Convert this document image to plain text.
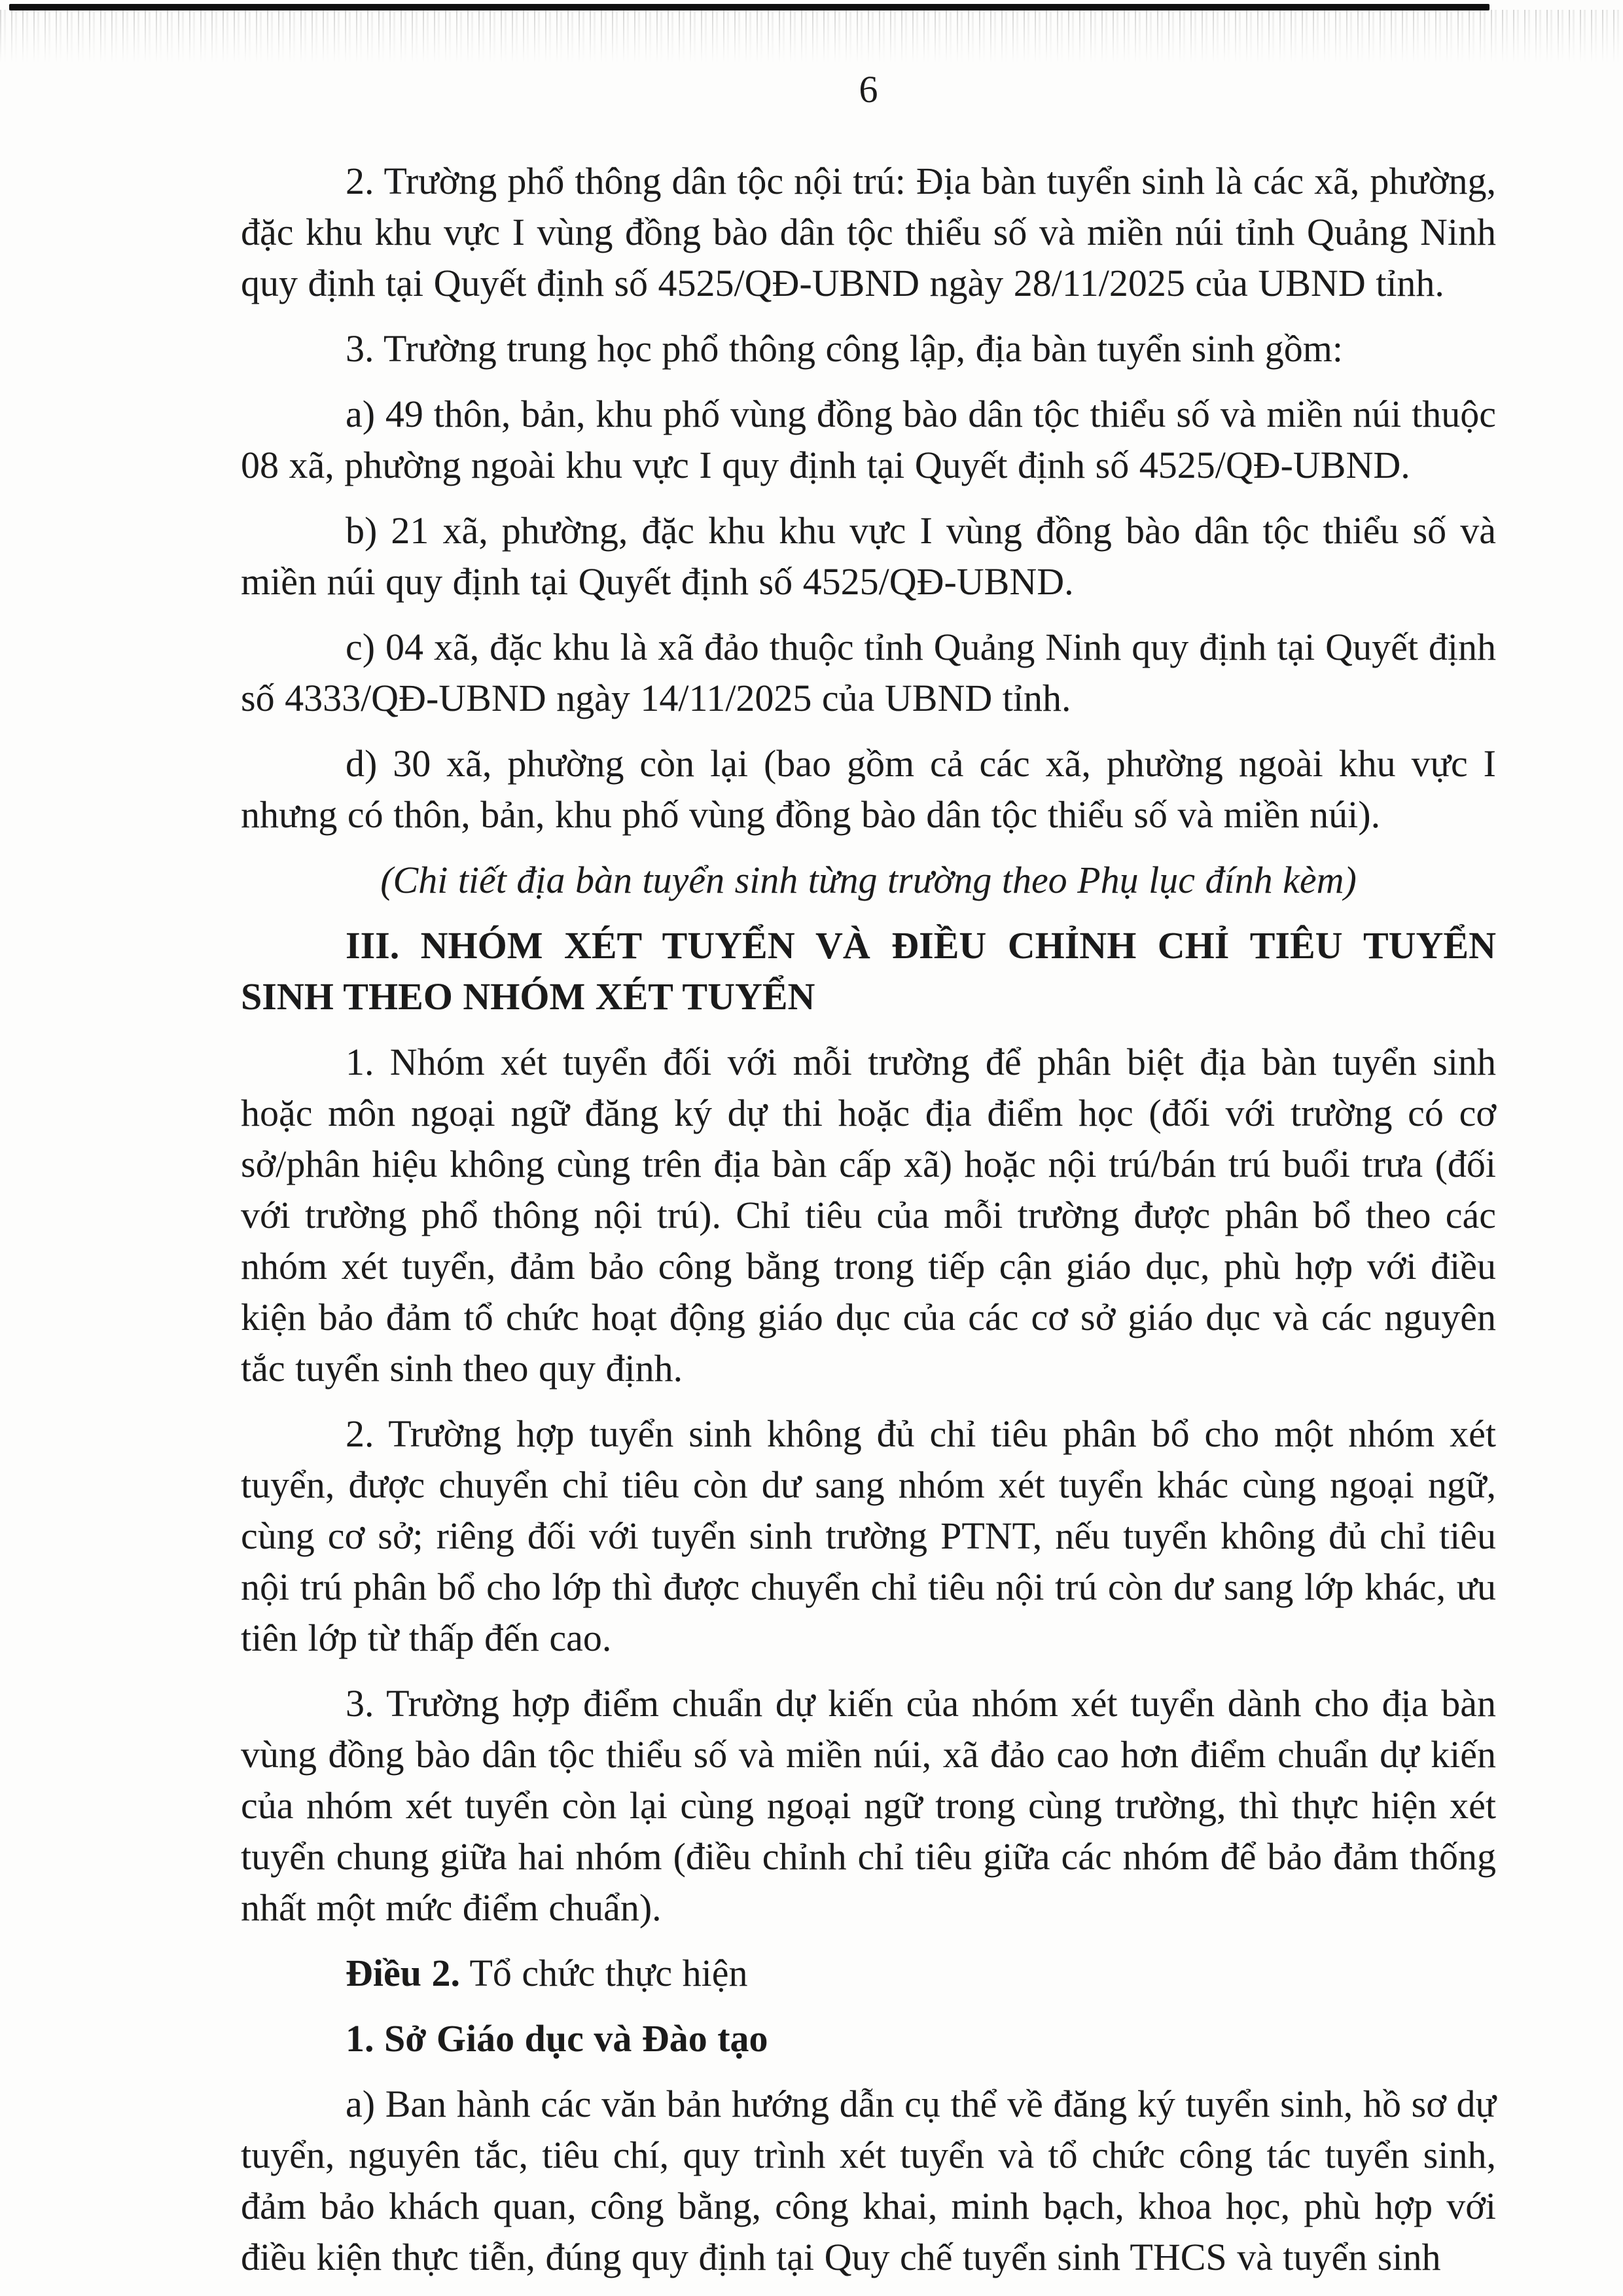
6

2. Trường phổ thông dân tộc nội trú: Địa bàn tuyển sinh là các xã, phường, đặc khu khu vực I vùng đồng bào dân tộc thiểu số và miền núi tỉnh Quảng Ninh quy định tại Quyết định số 4525/QĐ-UBND ngày 28/11/2025 của UBND tỉnh.

3. Trường trung học phổ thông công lập, địa bàn tuyển sinh gồm:

a) 49 thôn, bản, khu phố vùng đồng bào dân tộc thiểu số và miền núi thuộc 08 xã, phường ngoài khu vực I quy định tại Quyết định số 4525/QĐ-UBND.

b) 21 xã, phường, đặc khu khu vực I vùng đồng bào dân tộc thiểu số và miền núi quy định tại Quyết định số 4525/QĐ-UBND.

c) 04 xã, đặc khu là xã đảo thuộc tỉnh Quảng Ninh quy định tại Quyết định số 4333/QĐ-UBND ngày 14/11/2025 của UBND tỉnh.

d) 30 xã, phường còn lại (bao gồm cả các xã, phường ngoài khu vực I nhưng có thôn, bản, khu phố vùng đồng bào dân tộc thiểu số và miền núi).

(Chi tiết địa bàn tuyển sinh từng trường theo Phụ lục đính kèm)

III. NHÓM XÉT TUYỂN VÀ ĐIỀU CHỈNH CHỈ TIÊU TUYỂN SINH THEO NHÓM XÉT TUYỂN

1. Nhóm xét tuyển đối với mỗi trường để phân biệt địa bàn tuyển sinh hoặc môn ngoại ngữ đăng ký dự thi hoặc địa điểm học (đối với trường có cơ sở/phân hiệu không cùng trên địa bàn cấp xã) hoặc nội trú/bán trú buổi trưa (đối với trường phổ thông nội trú). Chỉ tiêu của mỗi trường được phân bổ theo các nhóm xét tuyển, đảm bảo công bằng trong tiếp cận giáo dục, phù hợp với điều kiện bảo đảm tổ chức hoạt động giáo dục của các cơ sở giáo dục và các nguyên tắc tuyển sinh theo quy định.

2. Trường hợp tuyển sinh không đủ chỉ tiêu phân bổ cho một nhóm xét tuyển, được chuyển chỉ tiêu còn dư sang nhóm xét tuyển khác cùng ngoại ngữ, cùng cơ sở; riêng đối với tuyển sinh trường PTNT, nếu tuyển không đủ chỉ tiêu nội trú phân bổ cho lớp thì được chuyển chỉ tiêu nội trú còn dư sang lớp khác, ưu tiên lớp từ thấp đến cao.

3. Trường hợp điểm chuẩn dự kiến của nhóm xét tuyển dành cho địa bàn vùng đồng bào dân tộc thiểu số và miền núi, xã đảo cao hơn điểm chuẩn dự kiến của nhóm xét tuyển còn lại cùng ngoại ngữ trong cùng trường, thì thực hiện xét tuyển chung giữa hai nhóm (điều chỉnh chỉ tiêu giữa các nhóm để bảo đảm thống nhất một mức điểm chuẩn).

Điều 2. Tổ chức thực hiện

1. Sở Giáo dục và Đào tạo

a) Ban hành các văn bản hướng dẫn cụ thể về đăng ký tuyển sinh, hồ sơ dự tuyển, nguyên tắc, tiêu chí, quy trình xét tuyển và tổ chức công tác tuyển sinh, đảm bảo khách quan, công bằng, công khai, minh bạch, khoa học, phù hợp với điều kiện thực tiễn, đúng quy định tại Quy chế tuyển sinh THCS và tuyển sinh
